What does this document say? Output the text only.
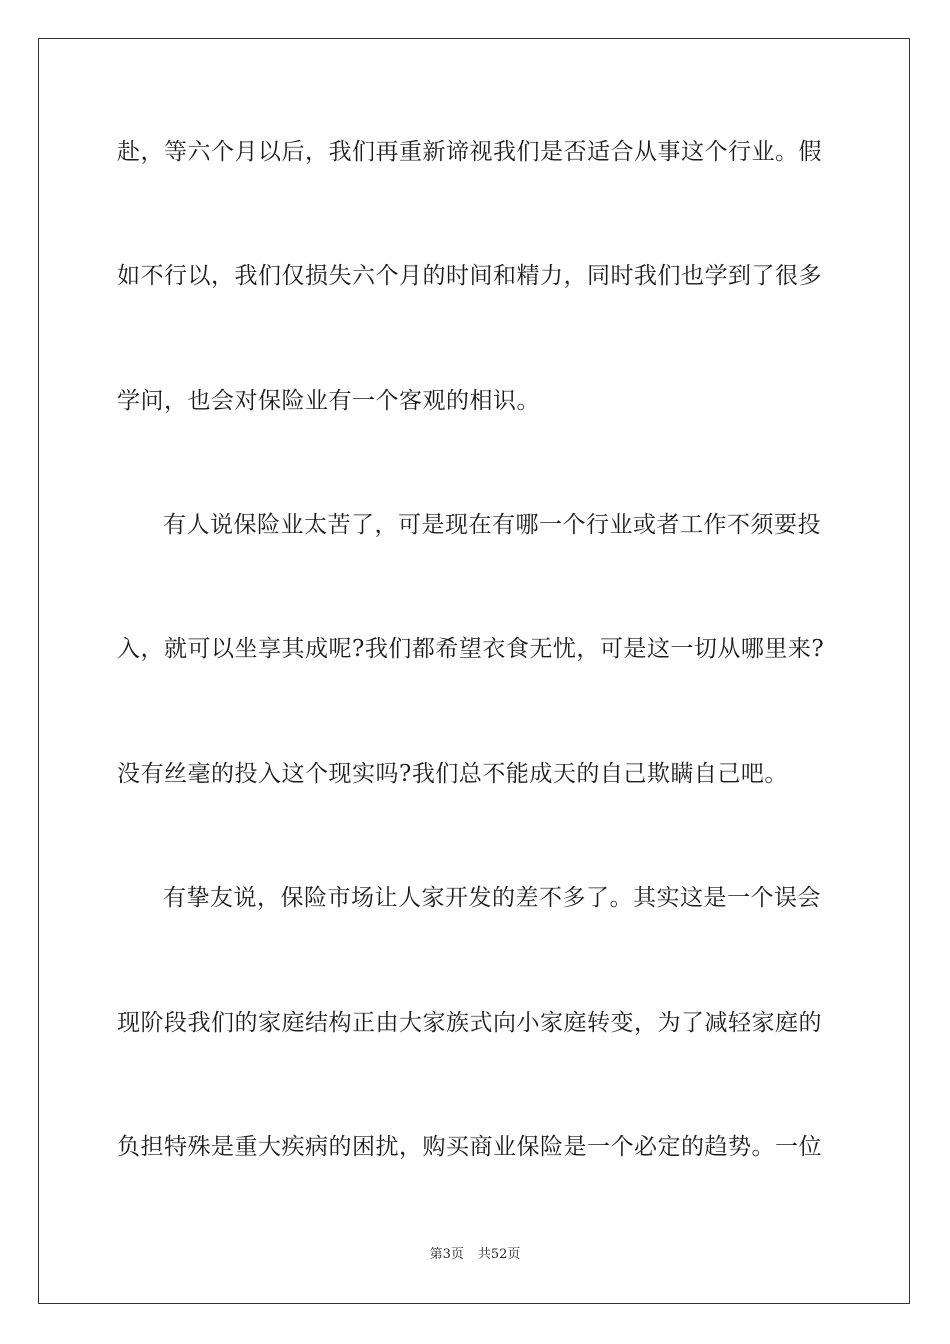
赴，等六个月以后，我们再重新谛视我们是否适合从事这个行业。假
如不行以，我们仅损失六个月的时间和精力，同时我们也学到了很多
学问，也会对保险业有一个客观的相识。
有人说保险业太苦了，可是现在有哪一个行业或者工作不须要投
入，就可以坐享其成呢?我们都希望衣食无忧，可是这一切从哪里来?
没有丝毫的投入这个现实吗?我们总不能成天的自己欺瞒自己吧。
有挚友说，保险市场让人家开发的差不多了。其实这是一个误会
现阶段我们的家庭结构正由大家族式向小家庭转变，为了减轻家庭的
负担特殊是重大疾病的困扰，购买商业保险是一个必定的趋势。一位
第3页 共52页
